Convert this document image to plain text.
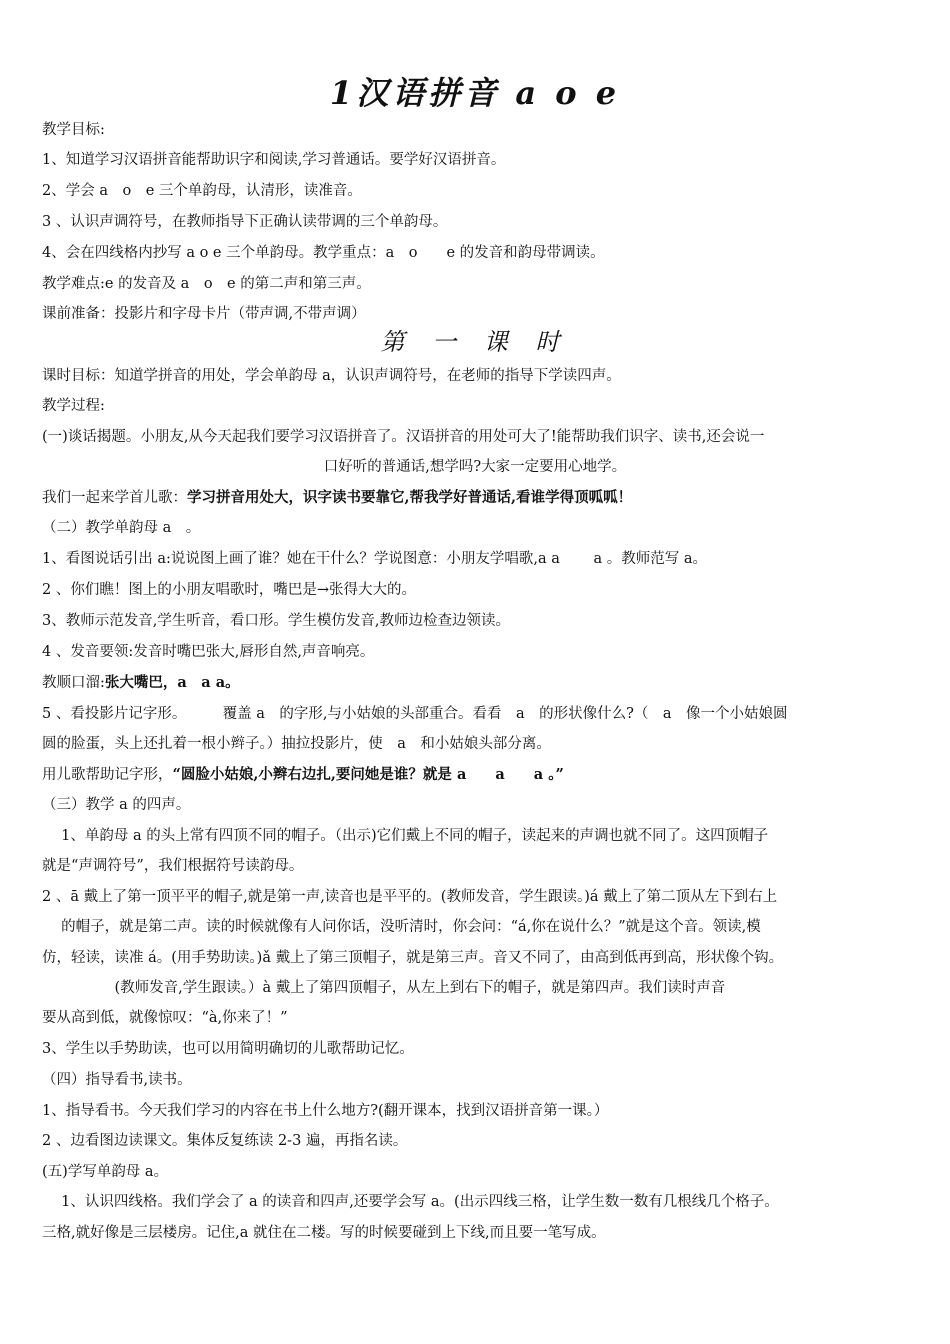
1汉语拼音 a o e
教学目标:
1、知道学习汉语拼音能帮助识字和阅读,学习普通话。要学好汉语拼音。
2、学会 a　o　e 三个单韵母，认清形，读准音。
3 、认识声调符号，在教师指导下正确认读带调的三个单韵母。
4、会在四线格内抄写 a o e 三个单韵母。教学重点：a　o　　e 的发音和韵母带调读。
教学难点:e 的发音及 a　o　e 的第二声和第三声。
课前准备：投影片和字母卡片（带声调,不带声调）
第 一 课 时
课时目标：知道学拼音的用处，学会单韵母 a，认识声调符号，在老师的指导下学读四声。
教学过程:
(一)谈话揭题。小朋友,从今天起我们要学习汉语拼音了。汉语拼音的用处可大了!能帮助我们识字、读书,还会说一
口好听的普通话,想学吗?大家一定要用心地学。
我们一起来学首儿歌：学习拼音用处大，识字读书要靠它,帮我学好普通话,看谁学得顶呱呱！
（二）教学单韵母 a　。
1、看图说话引出 a:说说图上画了谁？她在干什么？学说图意：小朋友学唱歌,a a　　 a 。教师范写 a。
2 、你们瞧！图上的小朋友唱歌时，嘴巴是→张得大大的。
3、教师示范发音,学生听音，看口形。学生模仿发音,教师边检查边领读。
4 、发音要领:发音时嘴巴张大,唇形自然,声音响亮。
教顺口溜:张大嘴巴，a　a a。
5 、看投影片记字形。　　　覆盖 a　的字形,与小姑娘的头部重合。看看　a　的形状像什么?（　a　像一个小姑娘圆
圆的脸蛋，头上还扎着一根小辫子。）抽拉投影片，使　a　和小姑娘头部分离。
用儿歌帮助记字形，“圆脸小姑娘,小辫右边扎,要问她是谁？就是 a　　a　　a 。”
（三）教学 a 的四声。
　 1、单韵母 a 的头上常有四顶不同的帽子。（出示)它们戴上不同的帽子，读起来的声调也就不同了。这四顶帽子
就是“声调符号”，我们根据符号读韵母。
2 、ā 戴上了第一顶平平的帽子,就是第一声,读音也是平平的。(教师发音，学生跟读。)á 戴上了第二顶从左下到右上
　 的帽子，就是第二声。读的时候就像有人问你话，没听清时，你会问：“á,你在说什么？”就是这个音。领读,模
仿，轻读，读准 á。(用手势助读。)ǎ 戴上了第三顶帽子，就是第三声。音又不同了，由高到低再到高，形状像个钩。
　　　　　(教师发音,学生跟读。）à 戴上了第四顶帽子，从左上到右下的帽子，就是第四声。我们读时声音
要从高到低，就像惊叹：“à,你来了！”
3、学生以手势助读，也可以用简明确切的儿歌帮助记忆。
（四）指导看书,读书。
1、指导看书。今天我们学习的内容在书上什么地方?(翻开课本，找到汉语拼音第一课。）
2 、边看图边读课文。集体反复练读 2-3 遍，再指名读。
(五)学写单韵母 a。
　 1、认识四线格。我们学会了 a 的读音和四声,还要学会写 a。(出示四线三格，让学生数一数有几根线几个格子。
三格,就好像是三层楼房。记住,a 就住在二楼。写的时候要碰到上下线,而且要一笔写成。
